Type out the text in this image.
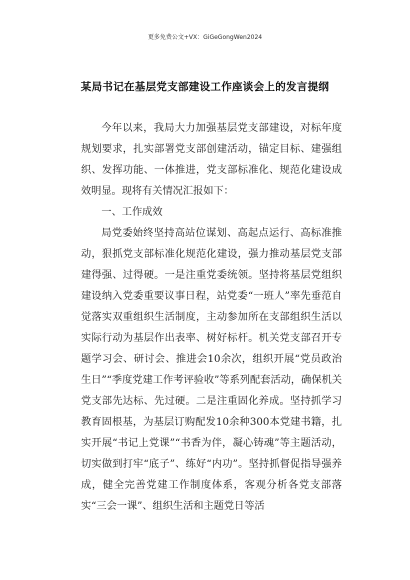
更多免费公文+VX：GiGeGongWen2024
某局书记在基层党支部建设工作座谈会上的发言提纲

今年以来，我局大力加强基层党支部建设，对标年度规划要求，扎实部署党支部创建活动，锚定目标、建强组织、发挥功能、一体推进，党支部标准化、规范化建设成效明显。现将有关情况汇报如下：

一、工作成效

局党委始终坚持高站位谋划、高起点运行、高标准推动，狠抓党支部标准化规范化建设，强力推动基层党支部建得强、过得硬。一是注重党委统领。坚持将基层党组织建设纳入党委重要议事日程，站党委“一班人”率先垂范自觉落实双重组织生活制度，主动参加所在支部组织生活以实际行动为基层作出表率、树好标杆。机关党支部召开专题学习会、研讨会、推进会10余次，组织开展“党员政治生日”“季度党建工作考评验收”等系列配套活动，确保机关党支部先达标、先过硬。二是注重固化养成。坚持抓学习教育固根基，为基层订购配发10余种300本党建书籍，扎实开展“书记上党课”“书香为伴，凝心铸魂”等主题活动，切实做到打牢“底子”、练好“内功”。坚持抓督促指导强养成，健全完善党建工作制度体系，客观分析各党支部落实“三会一课”、组织生活和主题党日等活
